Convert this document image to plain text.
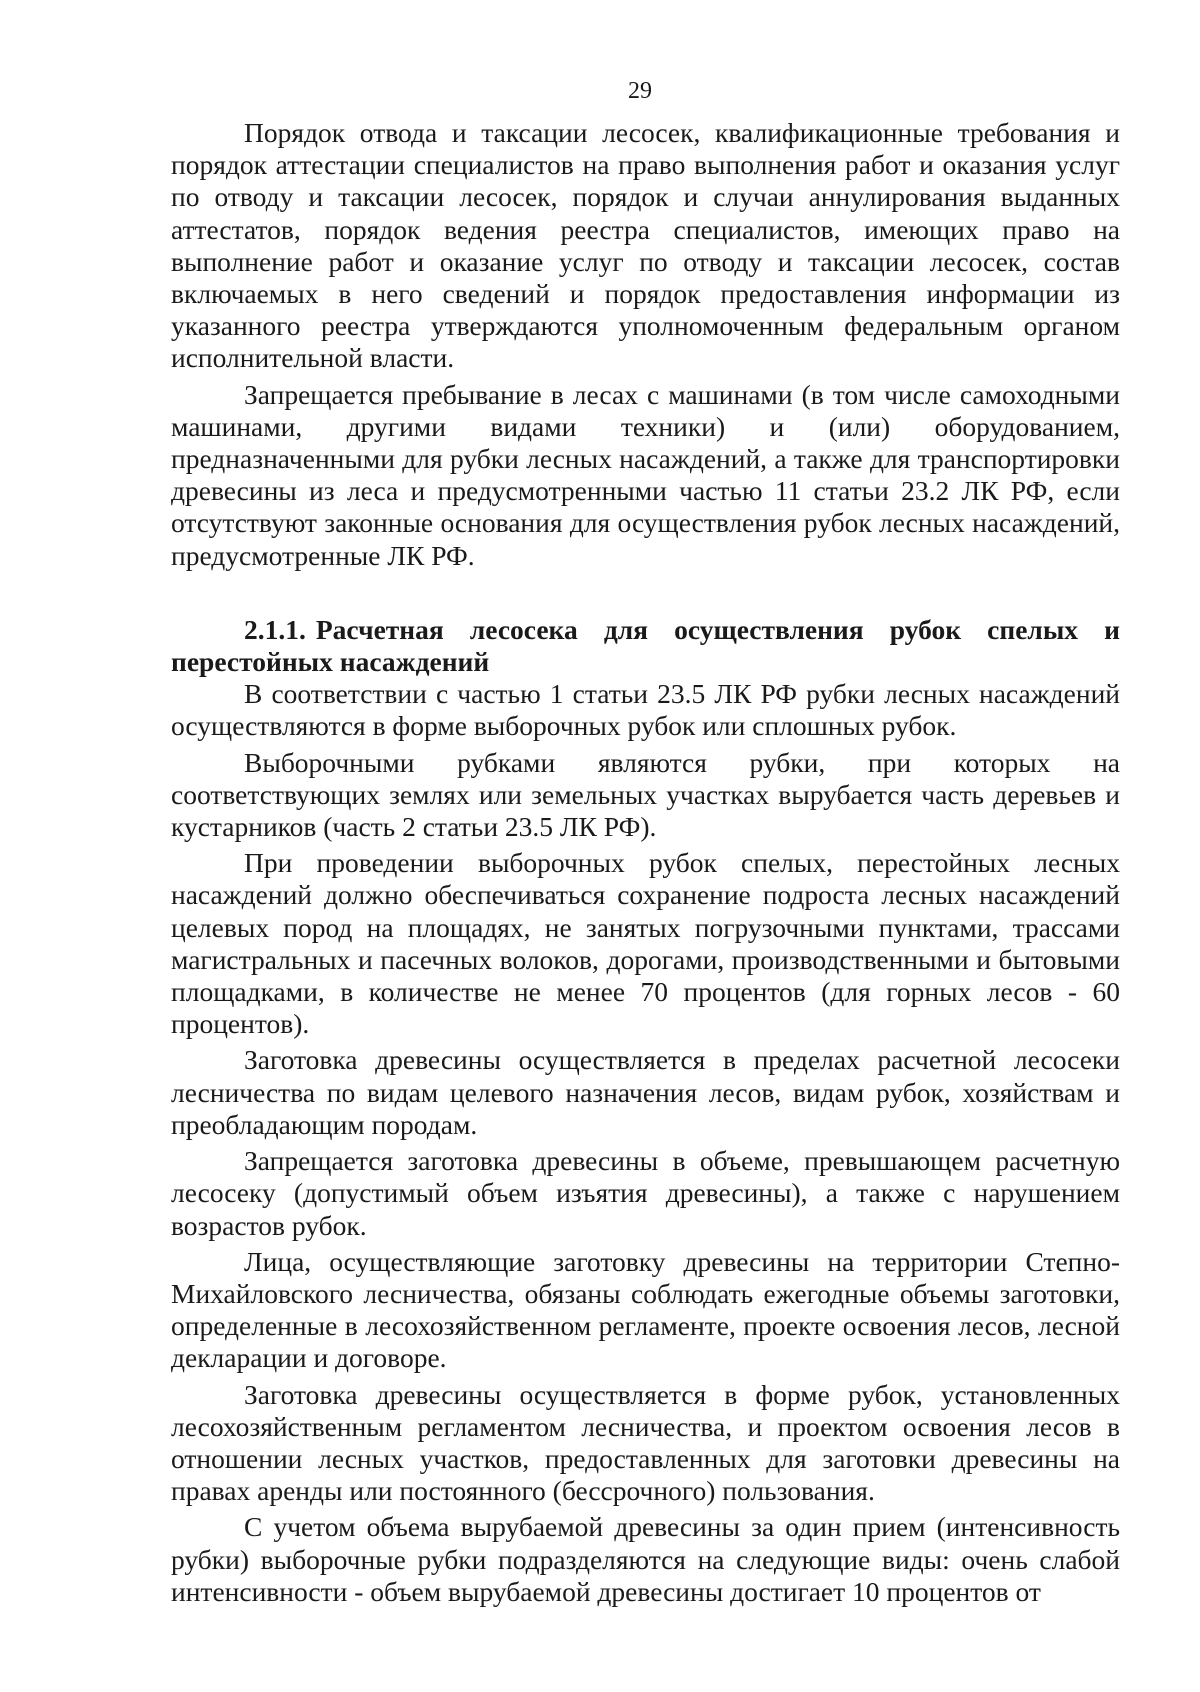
29

Порядок отвода и таксации лесосек, квалификационные требования и порядок аттестации специалистов на право выполнения работ и оказания услуг по отводу и таксации лесосек, порядок и случаи аннулирования выданных аттестатов, порядок ведения реестра специалистов, имеющих право на выполнение работ и оказание услуг по отводу и таксации лесосек, состав включаемых в него сведений и порядок предоставления информации из указанного реестра утверждаются уполномоченным федеральным органом исполнительной власти.

Запрещается пребывание в лесах с машинами (в том числе самоходными машинами, другими видами техники) и (или) оборудованием, предназначенными для рубки лесных насаждений, а также для транспортировки древесины из леса и предусмотренными частью 11 статьи 23.2 ЛК РФ, если отсутствуют законные основания для осуществления рубок лесных насаждений, предусмотренные ЛК РФ.

2.1.1. Расчетная лесосека для осуществления рубок спелых и перестойных насаждений

В соответствии с частью 1 статьи 23.5 ЛК РФ рубки лесных насаждений осуществляются в форме выборочных рубок или сплошных рубок.

Выборочными рубками являются рубки, при которых на соответствующих землях или земельных участках вырубается часть деревьев и кустарников (часть 2 статьи 23.5 ЛК РФ).

При проведении выборочных рубок спелых, перестойных лесных насаждений должно обеспечиваться сохранение подроста лесных насаждений целевых пород на площадях, не занятых погрузочными пунктами, трассами магистральных и пасечных волоков, дорогами, производственными и бытовыми площадками, в количестве не менее 70 процентов (для горных лесов - 60 процентов).

Заготовка древесины осуществляется в пределах расчетной лесосеки лесничества по видам целевого назначения лесов, видам рубок, хозяйствам и преобладающим породам.

Запрещается заготовка древесины в объеме, превышающем расчетную лесосеку (допустимый объем изъятия древесины), а также с нарушением возрастов рубок.

Лица, осуществляющие заготовку древесины на территории Степно-Михайловского лесничества, обязаны соблюдать ежегодные объемы заготовки, определенные в лесохозяйственном регламенте, проекте освоения лесов, лесной декларации и договоре.

Заготовка древесины осуществляется в форме рубок, установленных лесохозяйственным регламентом лесничества, и проектом освоения лесов в отношении лесных участков, предоставленных для заготовки древесины на правах аренды или постоянного (бессрочного) пользования.

С учетом объема вырубаемой древесины за один прием (интенсивность рубки) выборочные рубки подразделяются на следующие виды: очень слабой интенсивности - объем вырубаемой древесины достигает 10 процентов от
